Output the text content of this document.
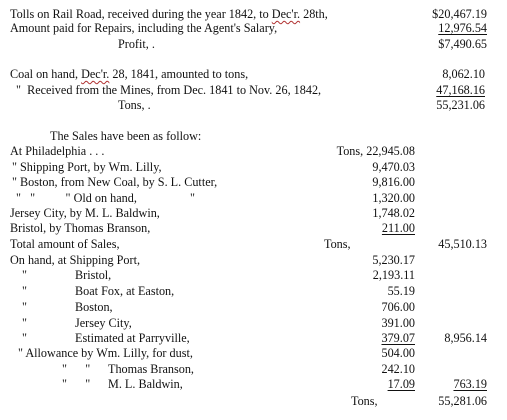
Tolls on Rail Road, received during the year 1842, to Dec'r. 28th,	$20,467.19
Amount paid for Repairs, including the Agent's Salary,	12,976.54
Profit, .	$7,490.65
Coal on hand, Dec'r. 28, 1841, amounted to tons,	8,062.10
"  Received from the Mines, from Dec. 1841 to Nov. 26, 1842,	47,168.16
Tons, .	55,231.06
The Sales have been as follow:
At Philadelphia . . .	Tons, 22,945.08
" Shipping Port, by Wm. Lilly,	9,470.03
" Boston, from New Coal, by S. L. Cutter,	9,816.00
"   "          " Old on hand,	"	1,320.00
Jersey City, by M. L. Baldwin,	1,748.02
Bristol, by Thomas Branson,	211.00
Total amount of Sales,	Tons,	45,510.13
On hand, at Shipping Port,	5,230.17
"	Bristol,	2,193.11
"	Boat Fox, at Easton,	55.19
"	Boston,	706.00
"	Jersey City,	391.00
"	Estimated at Parryville,	379.07 8,956.14
" Allowance by Wm. Lilly, for dust,	504.00
"      " Thomas Branson,	242.10
"      " M. L. Baldwin,	17.09	763.19
Tons,	55,281.06
